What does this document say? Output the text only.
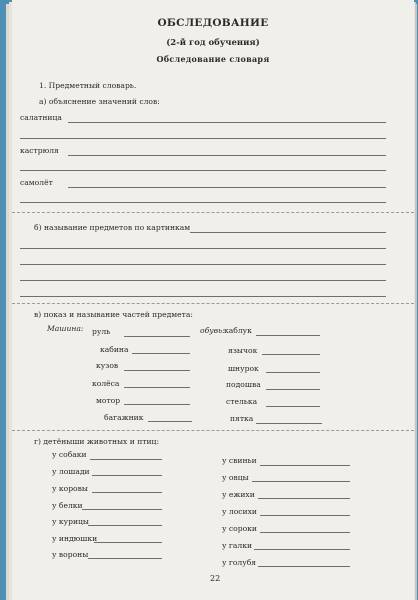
ОБСЛЕДОВАНИЕ
(2-й год обучения)
Обследование словаря
1. Предметный словарь.
а) объяснение значений слов:
салатница
кастрюля
самолёт
б) называние предметов по картинкам
в) показ и называние частей предмета:
Машина:	обувь:
руль
кабина
кузов
колёса
мотор
багажник
каблук
язычок
шнурок
подошва
стелька
пятка
г) детёныши животных и птиц:
у собаки
у лошади
у коровы
у белки
у курицы
у индюшки
у вороны
у свиньи
у овцы
у ежихи
у лосихи
у сороки
у галки
у голубя
22
